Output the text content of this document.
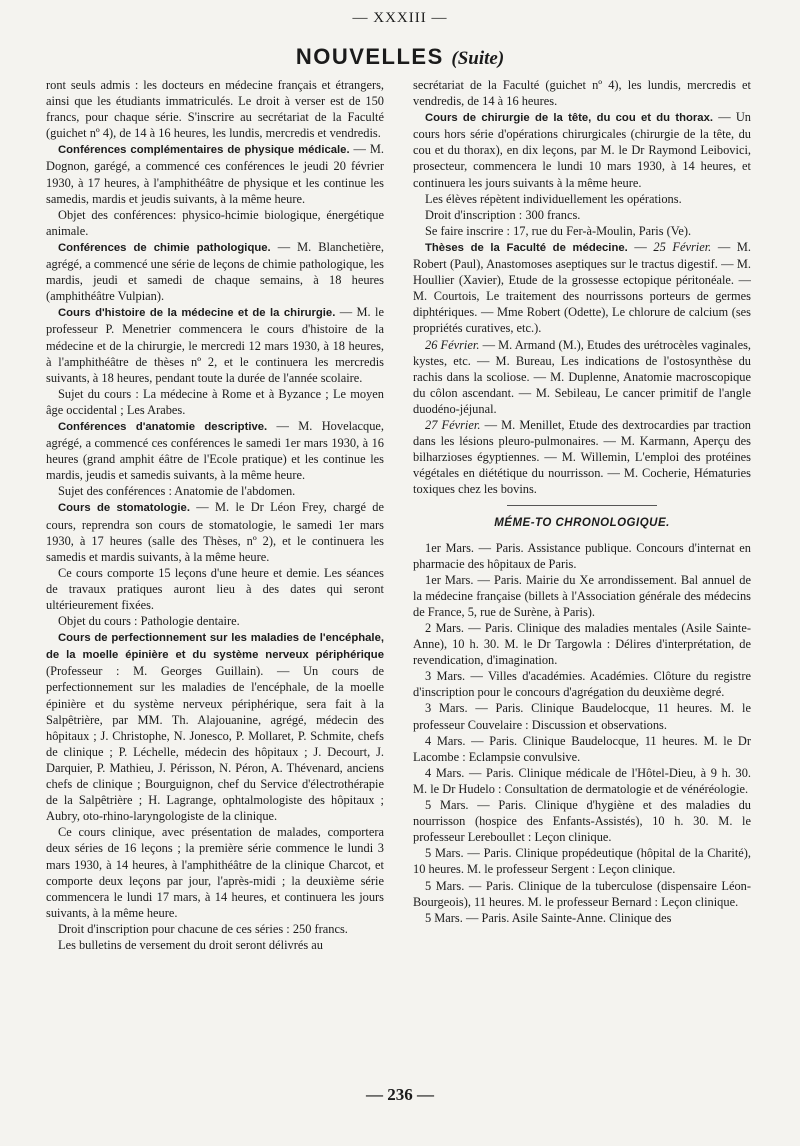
— XXXIII —
NOUVELLES (Suite)

ront seuls admis : les docteurs en médecine français et étrangers, ainsi que les étudiants immatriculés. Le droit à verser est de 150 francs, pour chaque série. S'inscrire au secrétariat de la Faculté (guichet nº 4), de 14 à 16 heures, les lundis, mercredis et vendredis.

Conférences complémentaires de physique médicale. — M. Dognon, garégé, a commencé ces conférences le jeudi 20 février 1930, à 17 heures, à l'amphithéâtre de physique et les continue les samedis, mardis et jeudis suivants, à la même heure.

Objet des conférences: physico-hcimie biologique, énergétique animale.

Conférences de chimie pathologique. — M. Blanchetière, agrégé, a commencé une série de leçons de chimie pathologique, les mardis, jeudi et samedi de chaque semains, à 18 heures (amphithéâtre Vulpian).

Cours d'histoire de la médecine et de la chirurgie. — M. le professeur P. Menetrier commencera le cours d'histoire de la médecine et de la chirurgie, le mercredi 12 mars 1930, à 18 heures, à l'amphithéâtre de thèses nº 2, et le continuera les mercredis suivants, à 18 heures, pendant toute la durée de l'année scolaire.

Sujet du cours : La médecine à Rome et à Byzance ; Le moyen âge occidental ; Les Arabes.

Conférences d'anatomie descriptive. — M. Hovelacque, agrégé, a commencé ces conférences le samedi 1er mars 1930, à 16 heures (grand amphit éâtre de l'Ecole pratique) et les continue les mardis, jeudis et samedis suivants, à la même heure.

Sujet des conférences : Anatomie de l'abdomen.

Cours de stomatologie. — M. le Dr Léon Frey, chargé de cours, reprendra son cours de stomatologie, le samedi 1er mars 1930, à 17 heures (salle des Thèses, nº 2), et le continuera les samedis et mardis suivants, à la même heure.

Ce cours comporte 15 leçons d'une heure et demie. Les séances de travaux pratiques auront lieu à des dates qui seront ultérieurement fixées.

Objet du cours : Pathologie dentaire.

Cours de perfectionnement sur les maladies de l'encéphale, de la moelle épinière et du système nerveux périphérique (Professeur : M. Georges Guillain). — Un cours de perfectionnement sur les maladies de l'encéphale, de la moelle épinière et du système nerveux périphérique, sera fait à la Salpêtrière, par MM. Th. Alajouanine, agrégé, médecin des hôpitaux ; J. Christophe, N. Jonesco, P. Mollaret, P. Schmite, chefs de clinique ; P. Léchelle, médecin des hôpitaux ; J. Decourt, J. Darquier, P. Mathieu, J. Périsson, N. Péron, A. Thévenard, anciens chefs de clinique ; Bourguignon, chef du Service d'électrothérapie de la Salpêtrière ; H. Lagrange, ophtalmologiste des hôpitaux ; Aubry, oto-rhino-laryngologiste de la clinique.

Ce cours clinique, avec présentation de malades, comportera deux séries de 16 leçons ; la première série commence le lundi 3 mars 1930, à 14 heures, à l'amphithéâtre de la clinique Charcot, et comporte deux leçons par jour, l'après-midi ; la deuxième série commencera le lundi 17 mars, à 14 heures, et continuera les jours suivants, à la même heure.

Droit d'inscription pour chacune de ces séries : 250 francs.

Les bulletins de versement du droit seront délivrés au

secrétariat de la Faculté (guichet nº 4), les lundis, mercredis et vendredis, de 14 à 16 heures.

Cours de chirurgie de la tête, du cou et du thorax. — Un cours hors série d'opérations chirurgicales (chirurgie de la tête, du cou et du thorax), en dix leçons, par M. le Dr Raymond Leibovici, prosecteur, commencera le lundi 10 mars 1930, à 14 heures, et continuera les jours suivants à la même heure.

Les élèves répètent individuellement les opérations.

Droit d'inscription : 300 francs.

Se faire inscrire : 17, rue du Fer-à-Moulin, Paris (Ve).

Thèses de la Faculté de médecine. — 25 Février. — M. Robert (Paul), Anastomoses aseptiques sur le tractus digestif. — M. Houllier (Xavier), Etude de la grossesse ectopique péritonéale. — M. Courtois, Le traitement des nourrissons porteurs de germes diphtériques. — Mme Robert (Odette), Le chlorure de calcium (ses propriétés curatives, etc.).

26 Février. — M. Armand (M.), Etudes des urétrocèles vaginales, kystes, etc. — M. Bureau, Les indications de l'ostosynthèse du rachis dans la scoliose. — M. Duplenne, Anatomie macroscopique du côlon ascendant. — M. Sebileau, Le cancer primitif de l'angle duodéno-jéjunal.

27 Février. — M. Menillet, Etude des dextrocardies par traction dans les lésions pleuro-pulmonaires. — M. Karmann, Aperçu des bilharzioses égyptiennes. — M. Willemin, L'emploi des protéines végétales en diététique du nourrisson. — M. Cocherie, Hématuries toxiques chez les bovins.

MÉME-TO CHRONOLOGIQUE.

1er Mars. — Paris. Assistance publique. Concours d'internat en pharmacie des hôpitaux de Paris.

1er Mars. — Paris. Mairie du Xe arrondissement. Bal annuel de la médecine française (billets à l'Association générale des médecins de France, 5, rue de Surène, à Paris).

2 Mars. — Paris. Clinique des maladies mentales (Asile Sainte-Anne), 10 h. 30. M. le Dr Targowla : Délires d'interprétation, de revendication, d'imagination.

3 Mars. — Villes d'académies. Académies. Clôture du registre d'inscription pour le concours d'agrégation du deuxième degré.

3 Mars. — Paris. Clinique Baudelocque, 11 heures. M. le professeur Couvelaire : Discussion et observations.

4 Mars. — Paris. Clinique Baudelocque, 11 heures. M. le Dr Lacombe : Eclampsie convulsive.

4 Mars. — Paris. Clinique médicale de l'Hôtel-Dieu, à 9 h. 30. M. le Dr Hudelo : Consultation de dermatologie et de vénéréologie.

5 Mars. — Paris. Clinique d'hygiène et des maladies du nourrisson (hospice des Enfants-Assistés), 10 h. 30. M. le professeur Lereboullet : Leçon clinique.

5 Mars. — Paris. Clinique propédeutique (hôpital de la Charité), 10 heures. M. le professeur Sergent : Leçon clinique.

5 Mars. — Paris. Clinique de la tuberculose (dispensaire Léon-Bourgeois), 11 heures. M. le professeur Bernard : Leçon clinique.

5 Mars. — Paris. Asile Sainte-Anne. Clinique des

— 236 —
